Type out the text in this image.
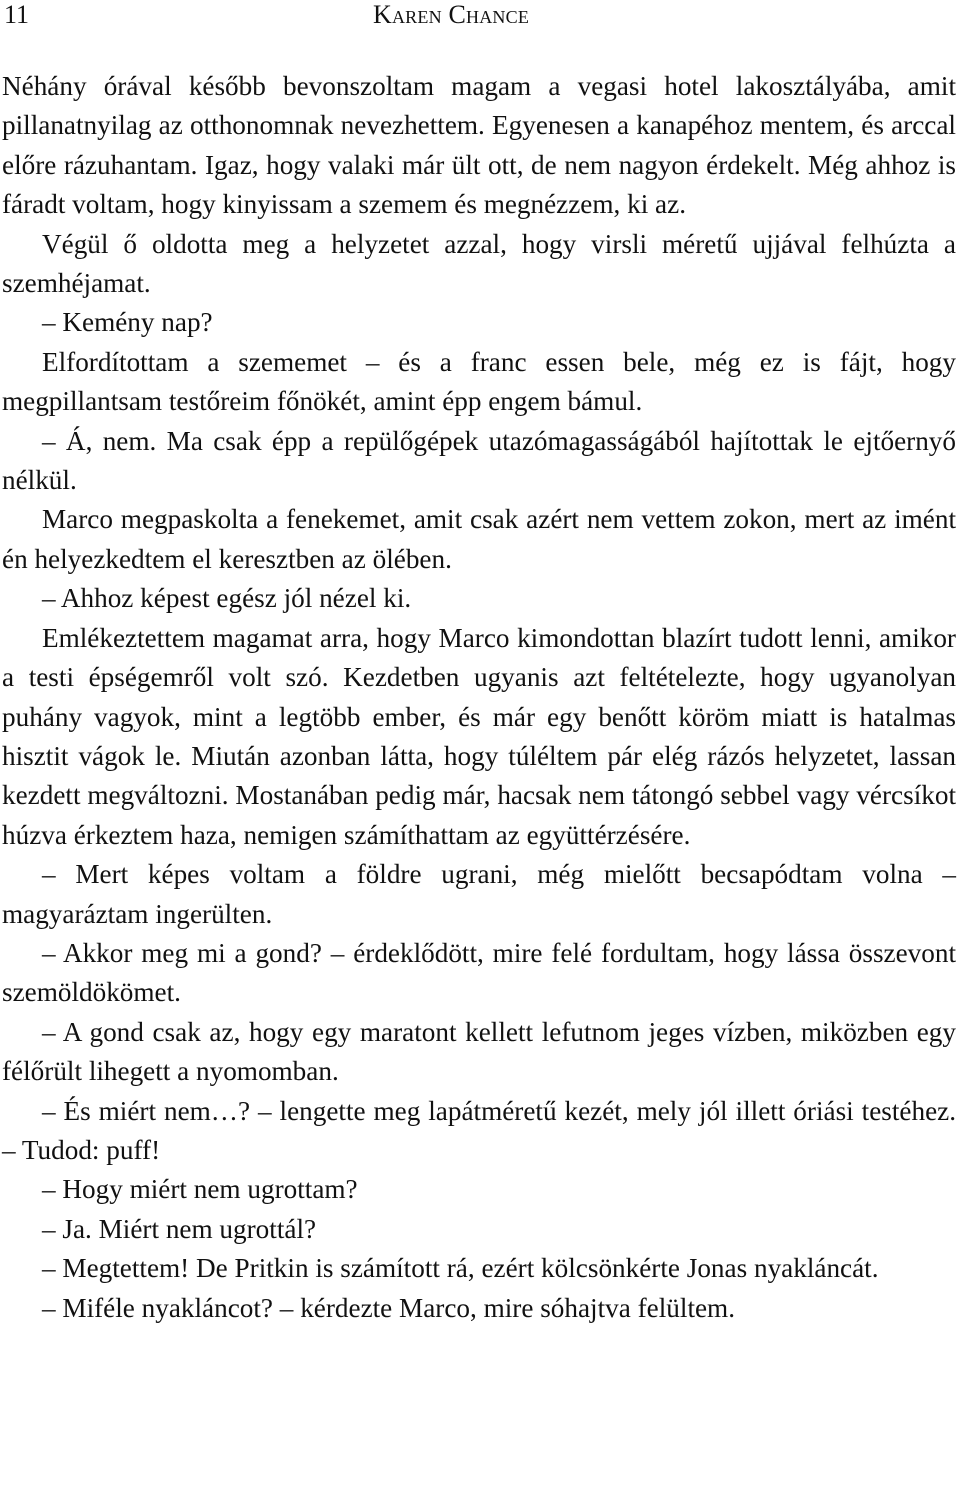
11	Karen Chance

Néhány órával később bevonszoltam magam a vegasi hotel lakosztályába, amit pillanatnyilag az otthonomnak nevezhettem. Egyenesen a kanapéhoz mentem, és arccal előre rázuhantam. Igaz, hogy valaki már ült ott, de nem nagyon érdekelt. Még ahhoz is fáradt voltam, hogy kinyissam a szemem és megnézzem, ki az.

Végül ő oldotta meg a helyzetet azzal, hogy virsli méretű ujjával felhúzta a szemhéjamat.

– Kemény nap?

Elfordítottam a szememet – és a franc essen bele, még ez is fájt, hogy megpillantsam testőreim főnökét, amint épp engem bámul.

– Á, nem. Ma csak épp a repülőgépek utazómagasságából hajítottak le ejtőernyő nélkül.

Marco megpaskolta a fenekemet, amit csak azért nem vettem zokon, mert az imént én helyezkedtem el keresztben az ölében.

– Ahhoz képest egész jól nézel ki.

Emlékeztettem magamat arra, hogy Marco kimondottan blazírt tudott lenni, amikor a testi épségemről volt szó. Kezdetben ugyanis azt feltételezte, hogy ugyanolyan puhány vagyok, mint a legtöbb ember, és már egy benőtt köröm miatt is hatalmas hisztit vágok le. Miután azonban látta, hogy túléltem pár elég rázós helyzetet, lassan kezdett megváltozni. Mostanában pedig már, hacsak nem tátongó sebbel vagy vércsíkot húzva érkeztem haza, nemigen számíthattam az együttérzésére.

– Mert képes voltam a földre ugrani, még mielőtt becsapódtam volna – magyaráztam ingerülten.

– Akkor meg mi a gond? – érdeklődött, mire felé fordultam, hogy lássa összevont szemöldökömet.

– A gond csak az, hogy egy maratont kellett lefutnom jeges vízben, miközben egy félőrült lihegett a nyomomban.

– És miért nem…? – lengette meg lapátméretű kezét, mely jól illett óriási testéhez. – Tudod: puff!

– Hogy miért nem ugrottam?

– Ja. Miért nem ugrottál?

– Megtettem! De Pritkin is számított rá, ezért kölcsönkérte Jonas nyakláncát.

– Miféle nyakláncot? – kérdezte Marco, mire sóhajtva felültem.
